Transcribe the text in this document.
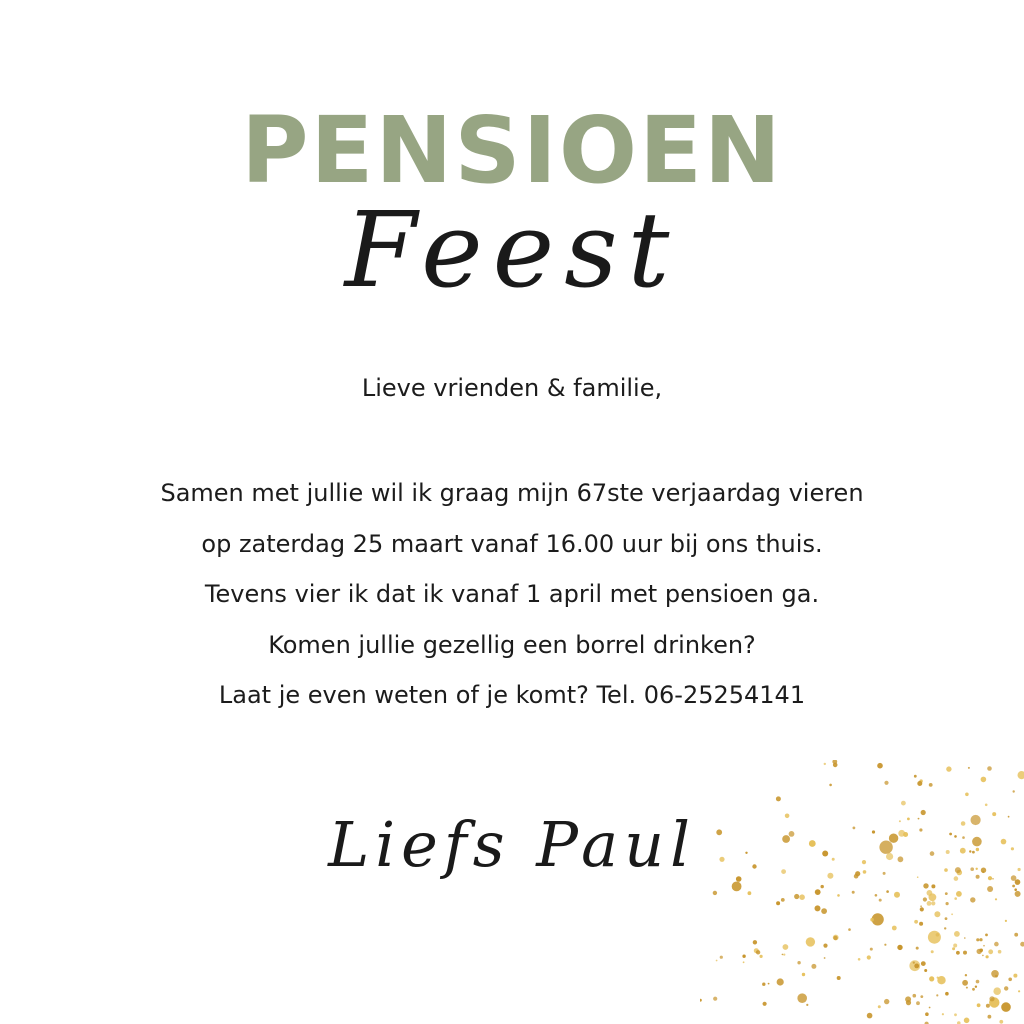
PENSIOEN
Feest

Lieve vrienden & familie,

Samen met jullie wil ik graag mijn 67ste verjaardag vieren
op zaterdag 25 maart vanaf 16.00 uur bij ons thuis.
Tevens vier ik dat ik vanaf 1 april met pensioen ga.
Komen jullie gezellig een borrel drinken?
Laat je even weten of je komt? Tel. 06-25254141
Liefs Paul
